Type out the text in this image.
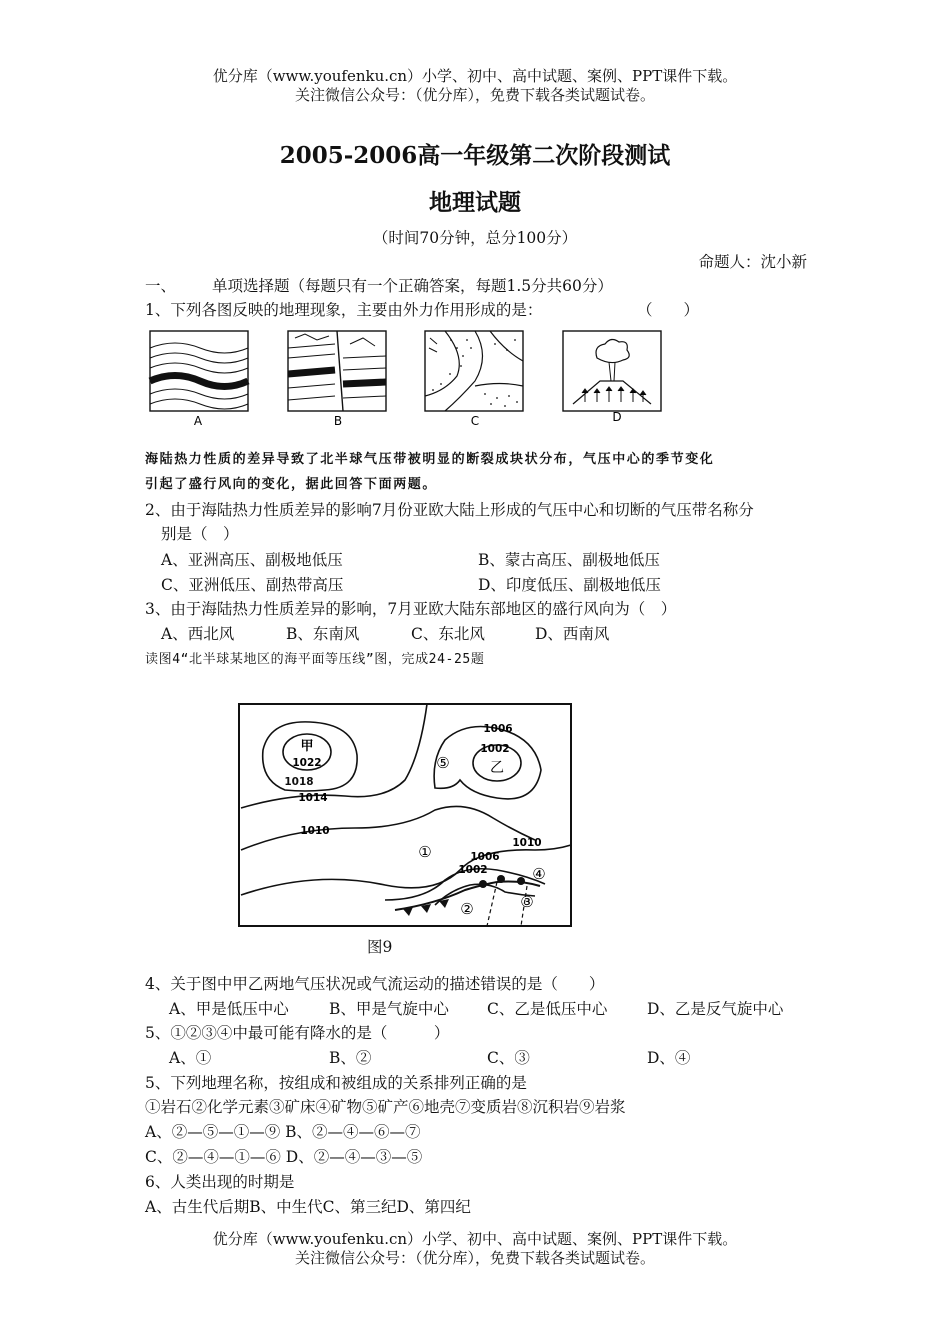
优分库（www.youfenku.cn）小学、初中、高中试题、案例、PPT课件下载。
关注微信公众号：（优分库），免费下载各类试题试卷。
2005-2006高一年级第二次阶段测试
地理试题
（时间70分钟，总分100分）
命题人：沈小新
一、 单项选择题（每题只有一个正确答案，每题1.5分共60分）
1、下列各图反映的地理现象，主要由外力作用形成的是：	（　　）
A	B	C	D
海陆热力性质的差异导致了北半球气压带被明显的断裂成块状分布，气压中心的季节变化
引起了盛行风向的变化，据此回答下面两题。
2、由于海陆热力性质差异的影响7月份亚欧大陆上形成的气压中心和切断的气压带名称分
别是（　）
A、亚洲高压、副极地低压	B、蒙古高压、副极地低压
C、亚洲低压、副热带高压	D、印度低压、副极地低压
3、由于海陆热力性质差异的影响，7月亚欧大陆东部地区的盛行风向为（　）
A、西北风	B、东南风	C、东北风	D、西南风
读图4“北半球某地区的海平面等压线”图，完成24-25题
甲
1022
1018
1014
1010
1006
1002
乙
1010
1006
1002
①
②	③
④
⑤
图9
4、关于图中甲乙两地气压状况或气流运动的描述错误的是（　　）
A、甲是低压中心	B、甲是气旋中心 C、乙是低压中心	D、乙是反气旋中心
5、①②③④中最可能有降水的是（　　　）
A、①	B、②	C、③	D、④
5、下列地理名称，按组成和被组成的关系排列正确的是
①岩石②化学元素③矿床④矿物⑤矿产⑥地壳⑦变质岩⑧沉积岩⑨岩浆
A、②—⑤—①—⑨ B、②—④—⑥—⑦
C、②—④—①—⑥ D、②—④—③—⑤
6、人类出现的时期是
A、古生代后期B、中生代C、第三纪D、第四纪
优分库（www.youfenku.cn）小学、初中、高中试题、案例、PPT课件下载。
关注微信公众号：（优分库），免费下载各类试题试卷。
